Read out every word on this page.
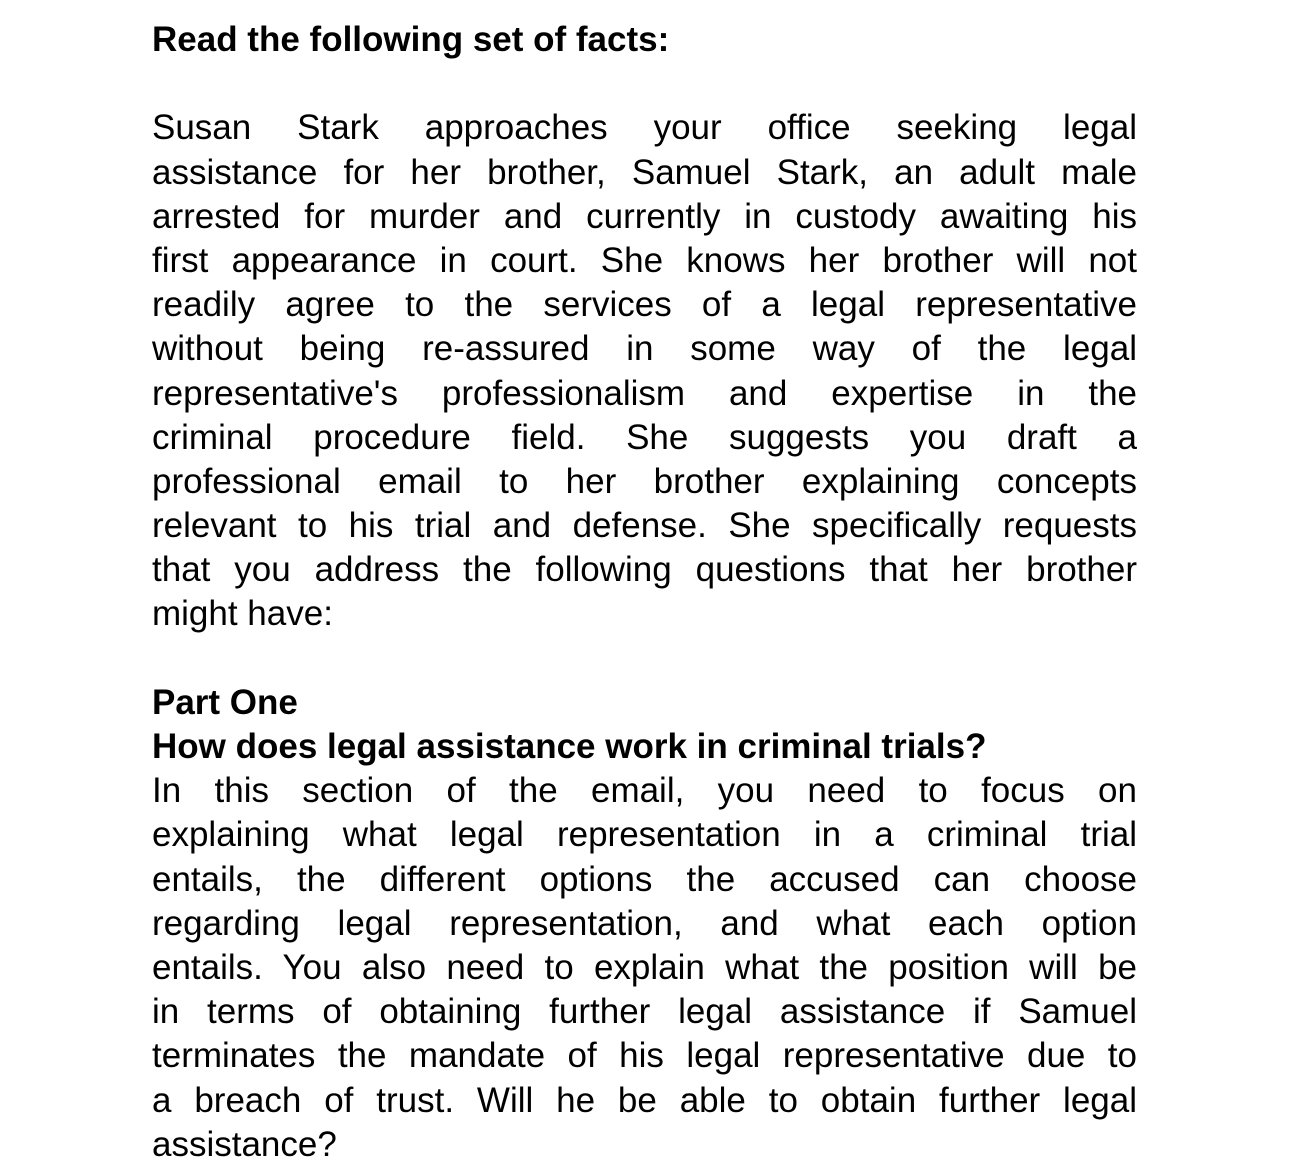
Read the following set of facts:
Susan Stark approaches your office seeking legal
assistance for her brother, Samuel Stark, an adult male
arrested for murder and currently in custody awaiting his
first appearance in court. She knows her brother will not
readily agree to the services of a legal representative
without being re-assured in some way of the legal
representative's professionalism and expertise in the
criminal procedure field. She suggests you draft a
professional email to her brother explaining concepts
relevant to his trial and defense. She specifically requests
that you address the following questions that her brother
might have:
Part One
How does legal assistance work in criminal trials?
In this section of the email, you need to focus on
explaining what legal representation in a criminal trial
entails, the different options the accused can choose
regarding legal representation, and what each option
entails. You also need to explain what the position will be
in terms of obtaining further legal assistance if Samuel
terminates the mandate of his legal representative due to
a breach of trust. Will he be able to obtain further legal
assistance?
